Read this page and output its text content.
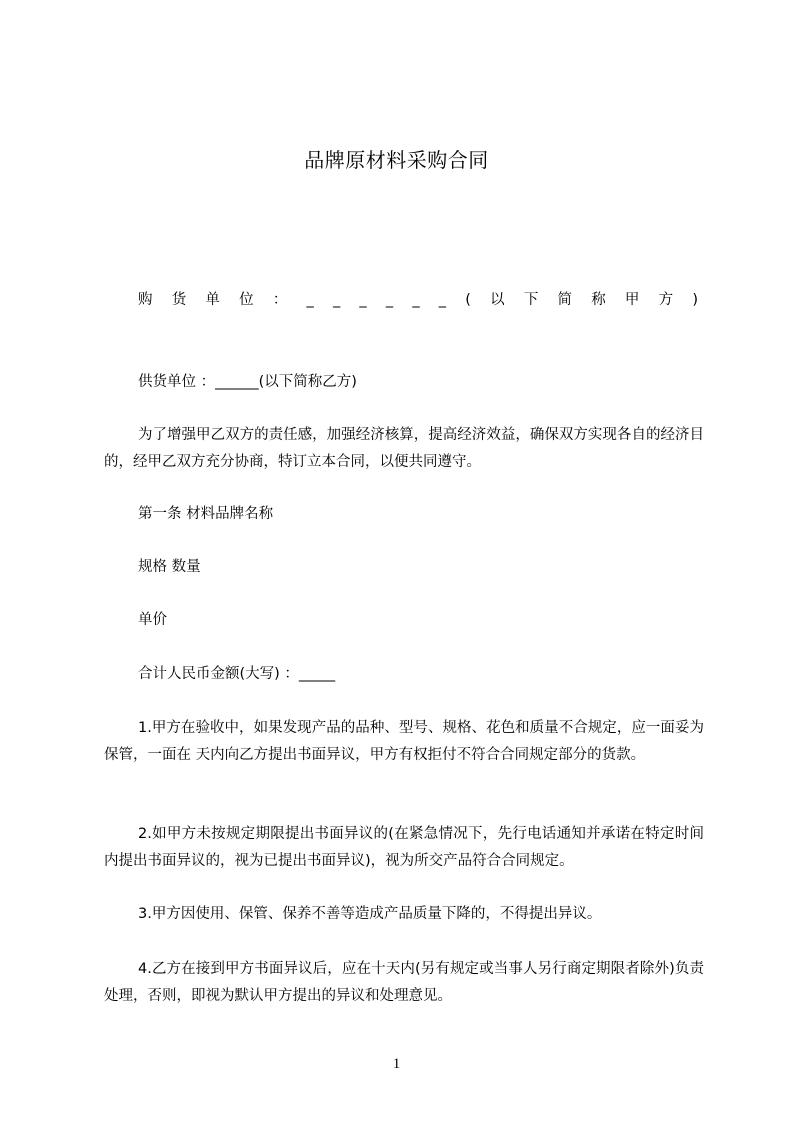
品牌原材料采购合同
购 货 单 位 ： _ _ _ _ _ _ ( 以 下 简 称 甲 方 )
供货单位 ：______(以下简称乙方)
为了增强甲乙双方的责任感，加强经济核算，提高经济效益，确保双方实现各自的经济目的，经甲乙双方充分协商，特订立本合同，以便共同遵守。
第一条 材料品牌名称
规格 数量
单价
合计人民币金额(大写) ：_____
1.甲方在验收中，如果发现产品的品种、型号、规格、花色和质量不合规定，应一面妥为保管，一面在 天内向乙方提出书面异议，甲方有权拒付不符合合同规定部分的货款。
2.如甲方未按规定期限提出书面异议的(在紧急情况下，先行电话通知并承诺在特定时间内提出书面异议的，视为已提出书面异议)，视为所交产品符合合同规定。
3.甲方因使用、保管、保养不善等造成产品质量下降的，不得提出异议。
4.乙方在接到甲方书面异议后，应在十天内(另有规定或当事人另行商定期限者除外)负责处理，否则，即视为默认甲方提出的异议和处理意见。
1
